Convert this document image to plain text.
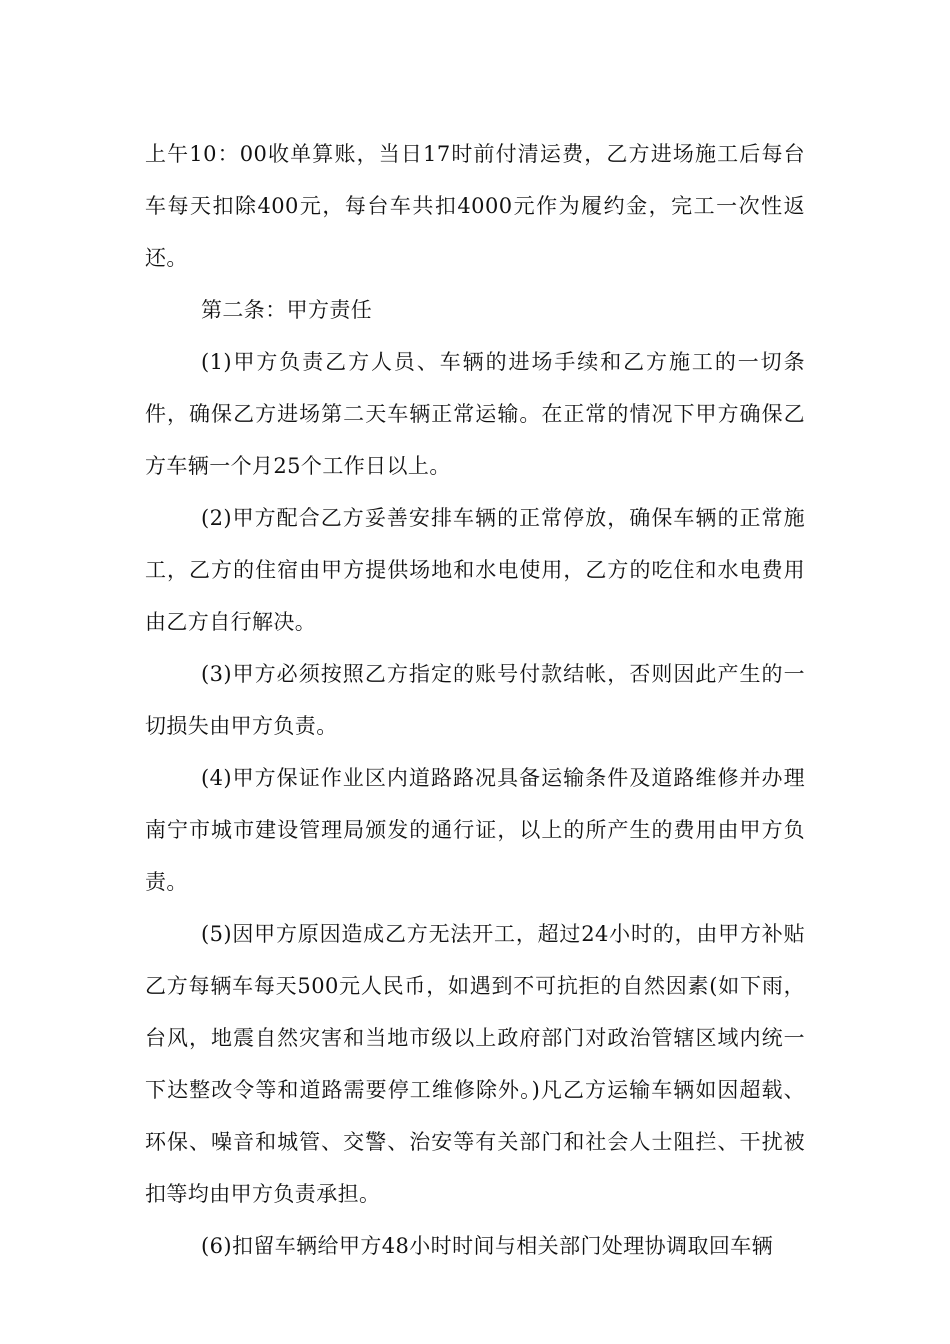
上午10：00收单算账，当日17时前付清运费，乙方进场施工后每台车每天扣除400元，每台车共扣4000元作为履约金，完工一次性返还。

第二条：甲方责任

(1)甲方负责乙方人员、车辆的进场手续和乙方施工的一切条件，确保乙方进场第二天车辆正常运输。在正常的情况下甲方确保乙方车辆一个月25个工作日以上。

(2)甲方配合乙方妥善安排车辆的正常停放，确保车辆的正常施工，乙方的住宿由甲方提供场地和水电使用，乙方的吃住和水电费用由乙方自行解决。

(3)甲方必须按照乙方指定的账号付款结帐，否则因此产生的一切损失由甲方负责。

(4)甲方保证作业区内道路路况具备运输条件及道路维修并办理南宁市城市建设管理局颁发的通行证，以上的所产生的费用由甲方负责。

(5)因甲方原因造成乙方无法开工，超过24小时的，由甲方补贴乙方每辆车每天500元人民币，如遇到不可抗拒的自然因素(如下雨，台风，地震自然灾害和当地市级以上政府部门对政治管辖区域内统一下达整改令等和道路需要停工维修除外。)凡乙方运输车辆如因超载、环保、噪音和城管、交警、治安等有关部门和社会人士阻拦、干扰被扣等均由甲方负责承担。

(6)扣留车辆给甲方48小时时间与相关部门处理协调取回车辆
